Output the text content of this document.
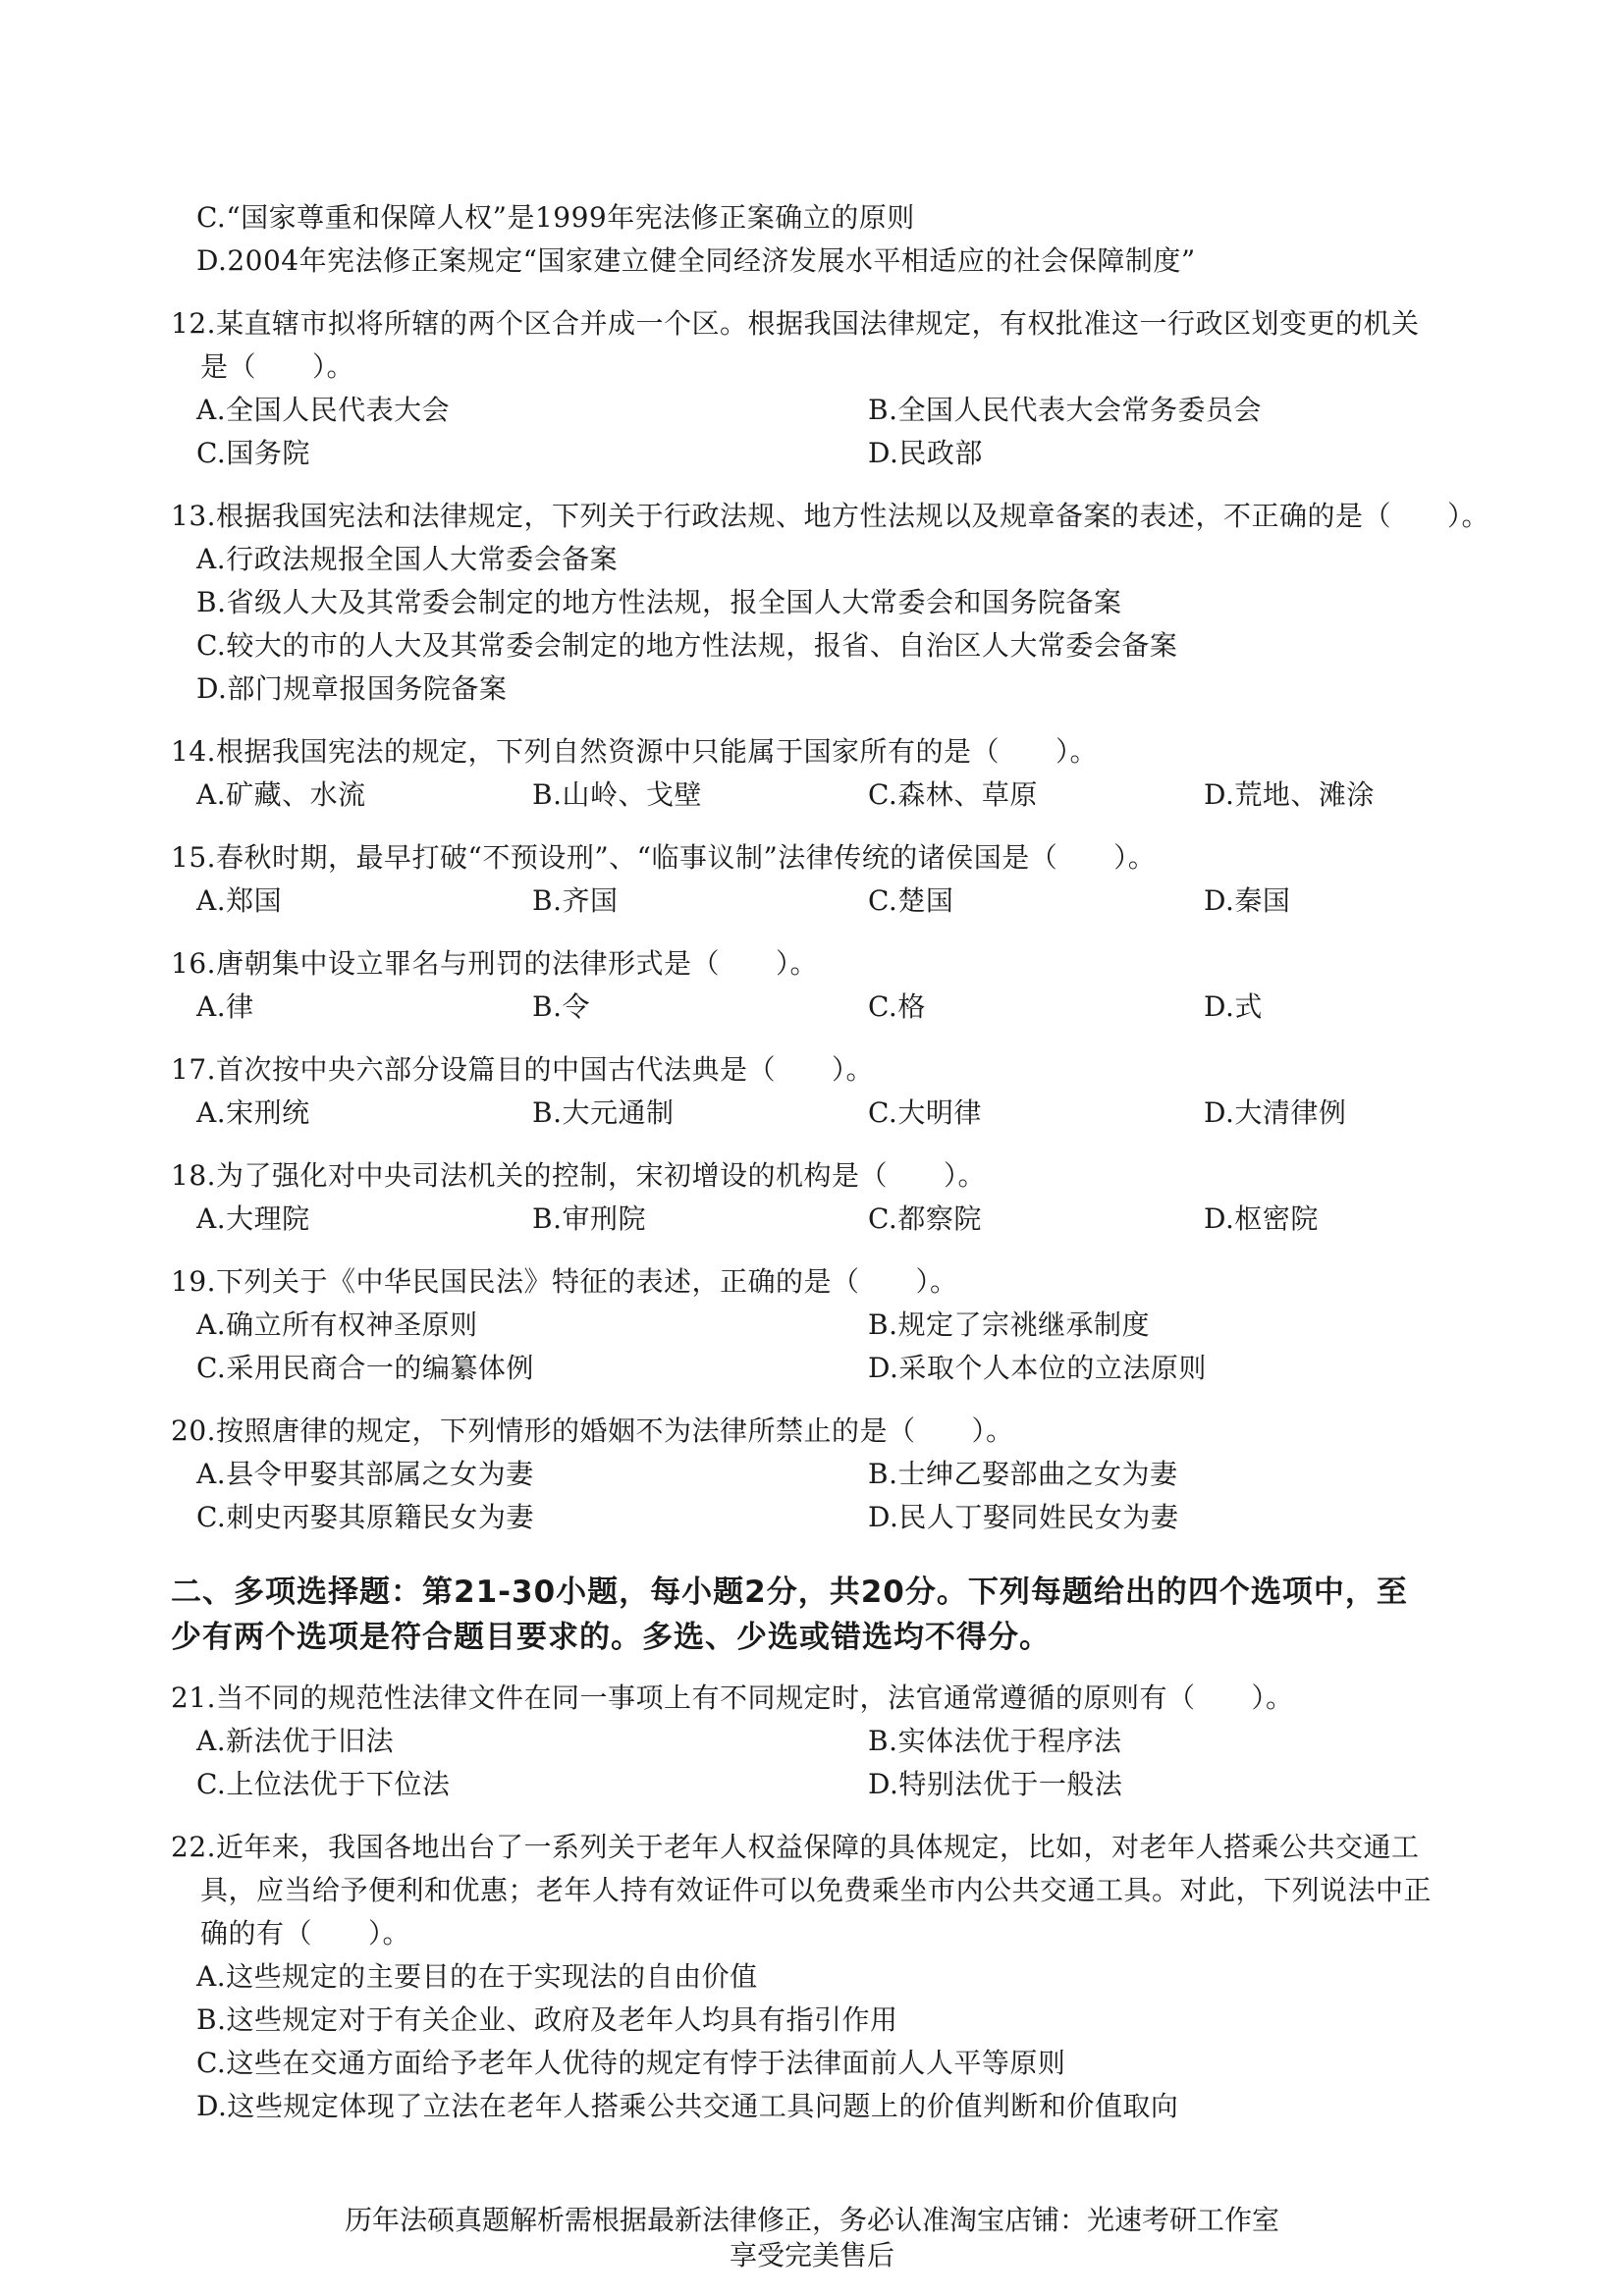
C.“国家尊重和保障人权”是1999年宪法修正案确立的原则
D.2004年宪法修正案规定“国家建立健全同经济发展水平相适应的社会保障制度”
12.某直辖市拟将所辖的两个区合并成一个区。根据我国法律规定，有权批准这一行政区划变更的机关
是（　　）。
A.全国人民代表大会	B.全国人民代表大会常务委员会
C.国务院	D.民政部
13.根据我国宪法和法律规定，下列关于行政法规、地方性法规以及规章备案的表述，不正确的是（　　）。
A.行政法规报全国人大常委会备案
B.省级人大及其常委会制定的地方性法规，报全国人大常委会和国务院备案
C.较大的市的人大及其常委会制定的地方性法规，报省、自治区人大常委会备案
D.部门规章报国务院备案
14.根据我国宪法的规定，下列自然资源中只能属于国家所有的是（　　）。
A.矿藏、水流	B.山岭、戈壁	C.森林、草原	D.荒地、滩涂
15.春秋时期，最早打破“不预设刑”、“临事议制”法律传统的诸侯国是（　　）。
A.郑国	B.齐国	C.楚国	D.秦国
16.唐朝集中设立罪名与刑罚的法律形式是（　　）。
A.律	B.令	C.格	D.式
17.首次按中央六部分设篇目的中国古代法典是（　　）。
A.宋刑统	B.大元通制	C.大明律	D.大清律例
18.为了强化对中央司法机关的控制，宋初增设的机构是（　　）。
A.大理院	B.审刑院	C.都察院	D.枢密院
19.下列关于《中华民国民法》特征的表述，正确的是（　　）。
A.确立所有权神圣原则	B.规定了宗祧继承制度
C.采用民商合一的编纂体例	D.采取个人本位的立法原则
20.按照唐律的规定，下列情形的婚姻不为法律所禁止的是（　　）。
A.县令甲娶其部属之女为妻	B.士绅乙娶部曲之女为妻
C.刺史丙娶其原籍民女为妻	D.民人丁娶同姓民女为妻
二、多项选择题：第21-30小题，每小题2分，共20分。下列每题给出的四个选项中，至
少有两个选项是符合题目要求的。多选、少选或错选均不得分。
21.当不同的规范性法律文件在同一事项上有不同规定时，法官通常遵循的原则有（　　）。
A.新法优于旧法	B.实体法优于程序法
C.上位法优于下位法	D.特别法优于一般法
22.近年来，我国各地出台了一系列关于老年人权益保障的具体规定，比如，对老年人搭乘公共交通工
具，应当给予便利和优惠；老年人持有效证件可以免费乘坐市内公共交通工具。对此，下列说法中正
确的有（　　）。
A.这些规定的主要目的在于实现法的自由价值
B.这些规定对于有关企业、政府及老年人均具有指引作用
C.这些在交通方面给予老年人优待的规定有悖于法律面前人人平等原则
D.这些规定体现了立法在老年人搭乘公共交通工具问题上的价值判断和价值取向
历年法硕真题解析需根据最新法律修正，务必认准淘宝店铺：光速考研工作室
享受完美售后
